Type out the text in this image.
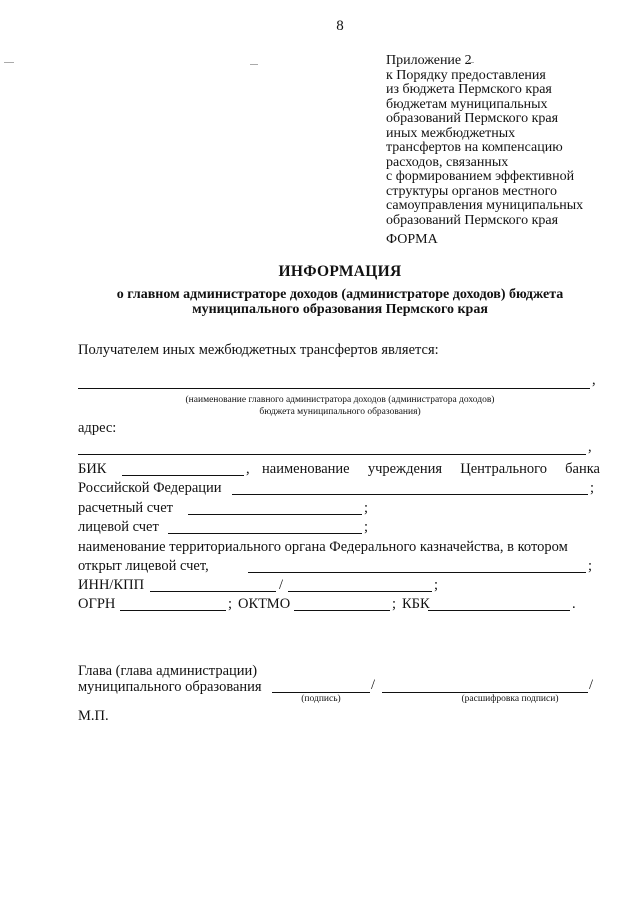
8
Приложение 2
к Порядку предоставления
из бюджета Пермского края
бюджетам муниципальных
образований Пермского края
иных межбюджетных
трансфертов на компенсацию
расходов, связанных
с формированием эффективной
структуры органов местного
самоуправления муниципальных
образований Пермского края
ФОРМА
ИНФОРМАЦИЯ
о главном администраторе доходов (администраторе доходов) бюджета
муниципального образования Пермского края
Получателем иных межбюджетных трансфертов является:
,
(наименование главного администратора доходов (администратора доходов)
бюджета муниципального образования)
адрес:
,
БИК	, наименование учреждения Центрального банка
Российской Федерации	;
расчетный счет	;
лицевой счет	;
наименование территориального органа Федерального казначейства, в котором
открыт лицевой счет,	;
ИНН/КПП	/	;
ОГРН	; ОКТМО	; КБК	.
Глава (глава администрации)
муниципального образования	/	/
(подпись)	(расшифровка подписи)
М.П.
